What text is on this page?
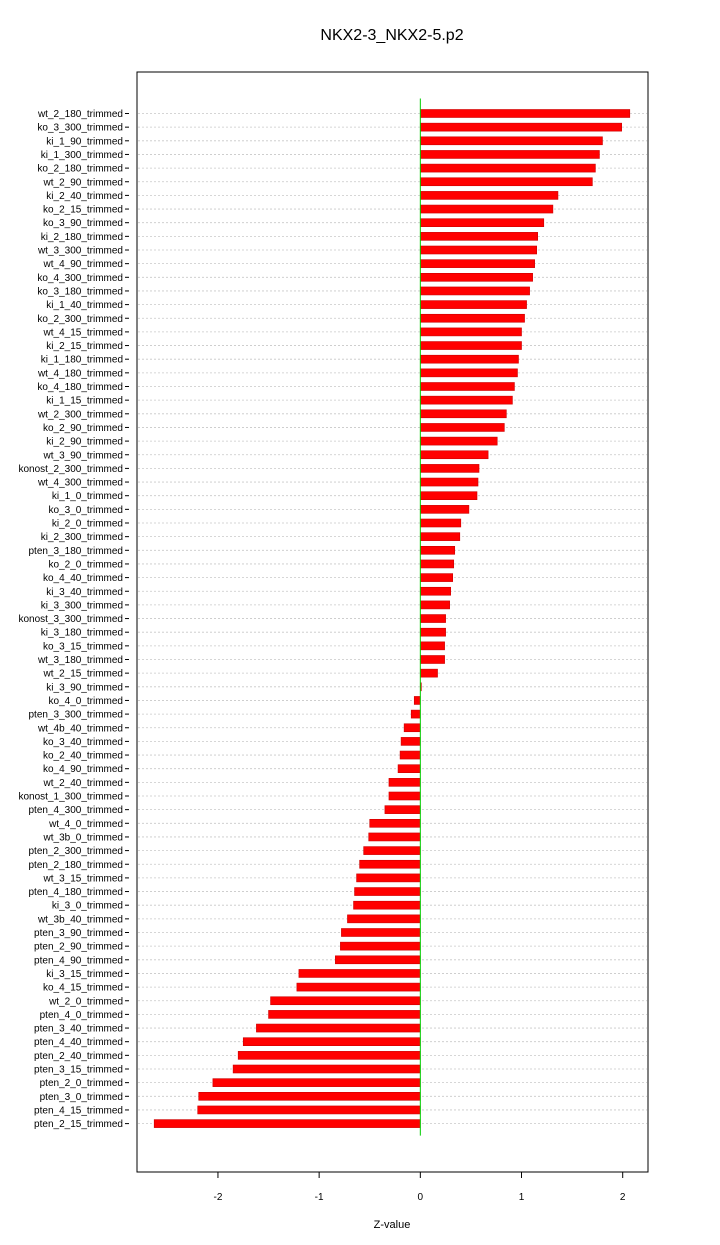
NKX2-3_NKX2-5.p2
wt_2_180_trimmed
ko_3_300_trimmed
ki_1_90_trimmed
ki_1_300_trimmed
ko_2_180_trimmed
wt_2_90_trimmed
ki_2_40_trimmed
ko_2_15_trimmed
ko_3_90_trimmed
ki_2_180_trimmed
wt_3_300_trimmed
wt_4_90_trimmed
ko_4_300_trimmed
ko_3_180_trimmed
ki_1_40_trimmed
ko_2_300_trimmed
wt_4_15_trimmed
ki_2_15_trimmed
ki_1_180_trimmed
wt_4_180_trimmed
ko_4_180_trimmed
ki_1_15_trimmed
wt_2_300_trimmed
ko_2_90_trimmed
ki_2_90_trimmed
wt_3_90_trimmed
konost_2_300_trimmed
wt_4_300_trimmed
ki_1_0_trimmed
ko_3_0_trimmed
ki_2_0_trimmed
ki_2_300_trimmed
pten_3_180_trimmed
ko_2_0_trimmed
ko_4_40_trimmed
ki_3_40_trimmed
ki_3_300_trimmed
konost_3_300_trimmed
ki_3_180_trimmed
ko_3_15_trimmed
wt_3_180_trimmed
wt_2_15_trimmed
ki_3_90_trimmed
ko_4_0_trimmed
pten_3_300_trimmed
wt_4b_40_trimmed
ko_3_40_trimmed
ko_2_40_trimmed
ko_4_90_trimmed
wt_2_40_trimmed
konost_1_300_trimmed
pten_4_300_trimmed
wt_4_0_trimmed
wt_3b_0_trimmed
pten_2_300_trimmed
pten_2_180_trimmed
wt_3_15_trimmed
pten_4_180_trimmed
ki_3_0_trimmed
wt_3b_40_trimmed
pten_3_90_trimmed
pten_2_90_trimmed
pten_4_90_trimmed
ki_3_15_trimmed
ko_4_15_trimmed
wt_2_0_trimmed
pten_4_0_trimmed
pten_3_40_trimmed
pten_4_40_trimmed
pten_2_40_trimmed
pten_3_15_trimmed
pten_2_0_trimmed
pten_3_0_trimmed
pten_4_15_trimmed
pten_2_15_trimmed
-2	-1	0	1	2
Z-value
